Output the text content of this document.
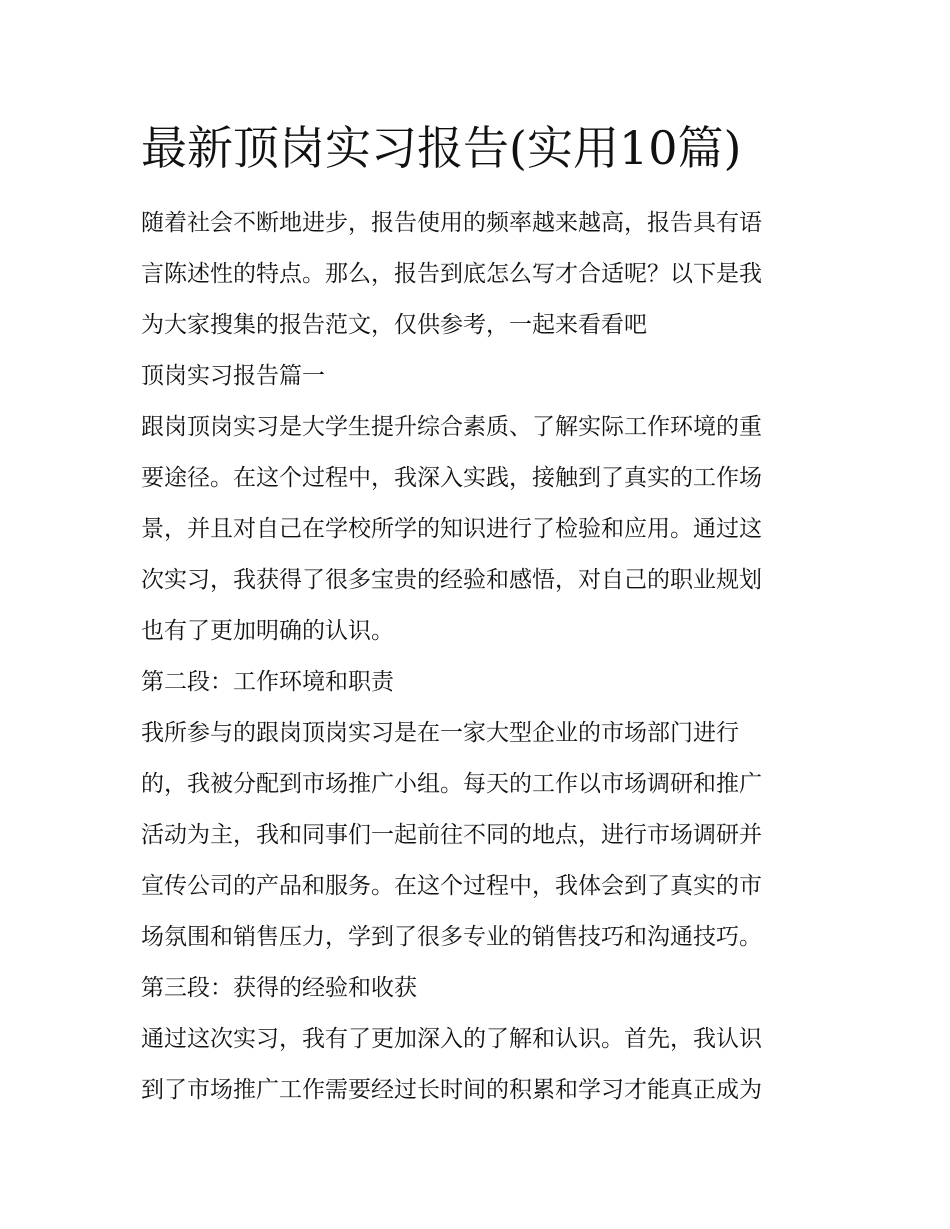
最新顶岗实习报告(实用10篇)

随着社会不断地进步，报告使用的频率越来越高，报告具有语

言陈述性的特点。那么，报告到底怎么写才合适呢？以下是我

为大家搜集的报告范文，仅供参考，一起来看看吧

顶岗实习报告篇一

跟岗顶岗实习是大学生提升综合素质、了解实际工作环境的重

要途径。在这个过程中，我深入实践，接触到了真实的工作场

景，并且对自己在学校所学的知识进行了检验和应用。通过这

次实习，我获得了很多宝贵的经验和感悟，对自己的职业规划

也有了更加明确的认识。

第二段：工作环境和职责

我所参与的跟岗顶岗实习是在一家大型企业的市场部门进行

的，我被分配到市场推广小组。每天的工作以市场调研和推广

活动为主，我和同事们一起前往不同的地点，进行市场调研并

宣传公司的产品和服务。在这个过程中，我体会到了真实的市

场氛围和销售压力，学到了很多专业的销售技巧和沟通技巧。

第三段：获得的经验和收获

通过这次实习，我有了更加深入的了解和认识。首先，我认识

到了市场推广工作需要经过长时间的积累和学习才能真正成为
